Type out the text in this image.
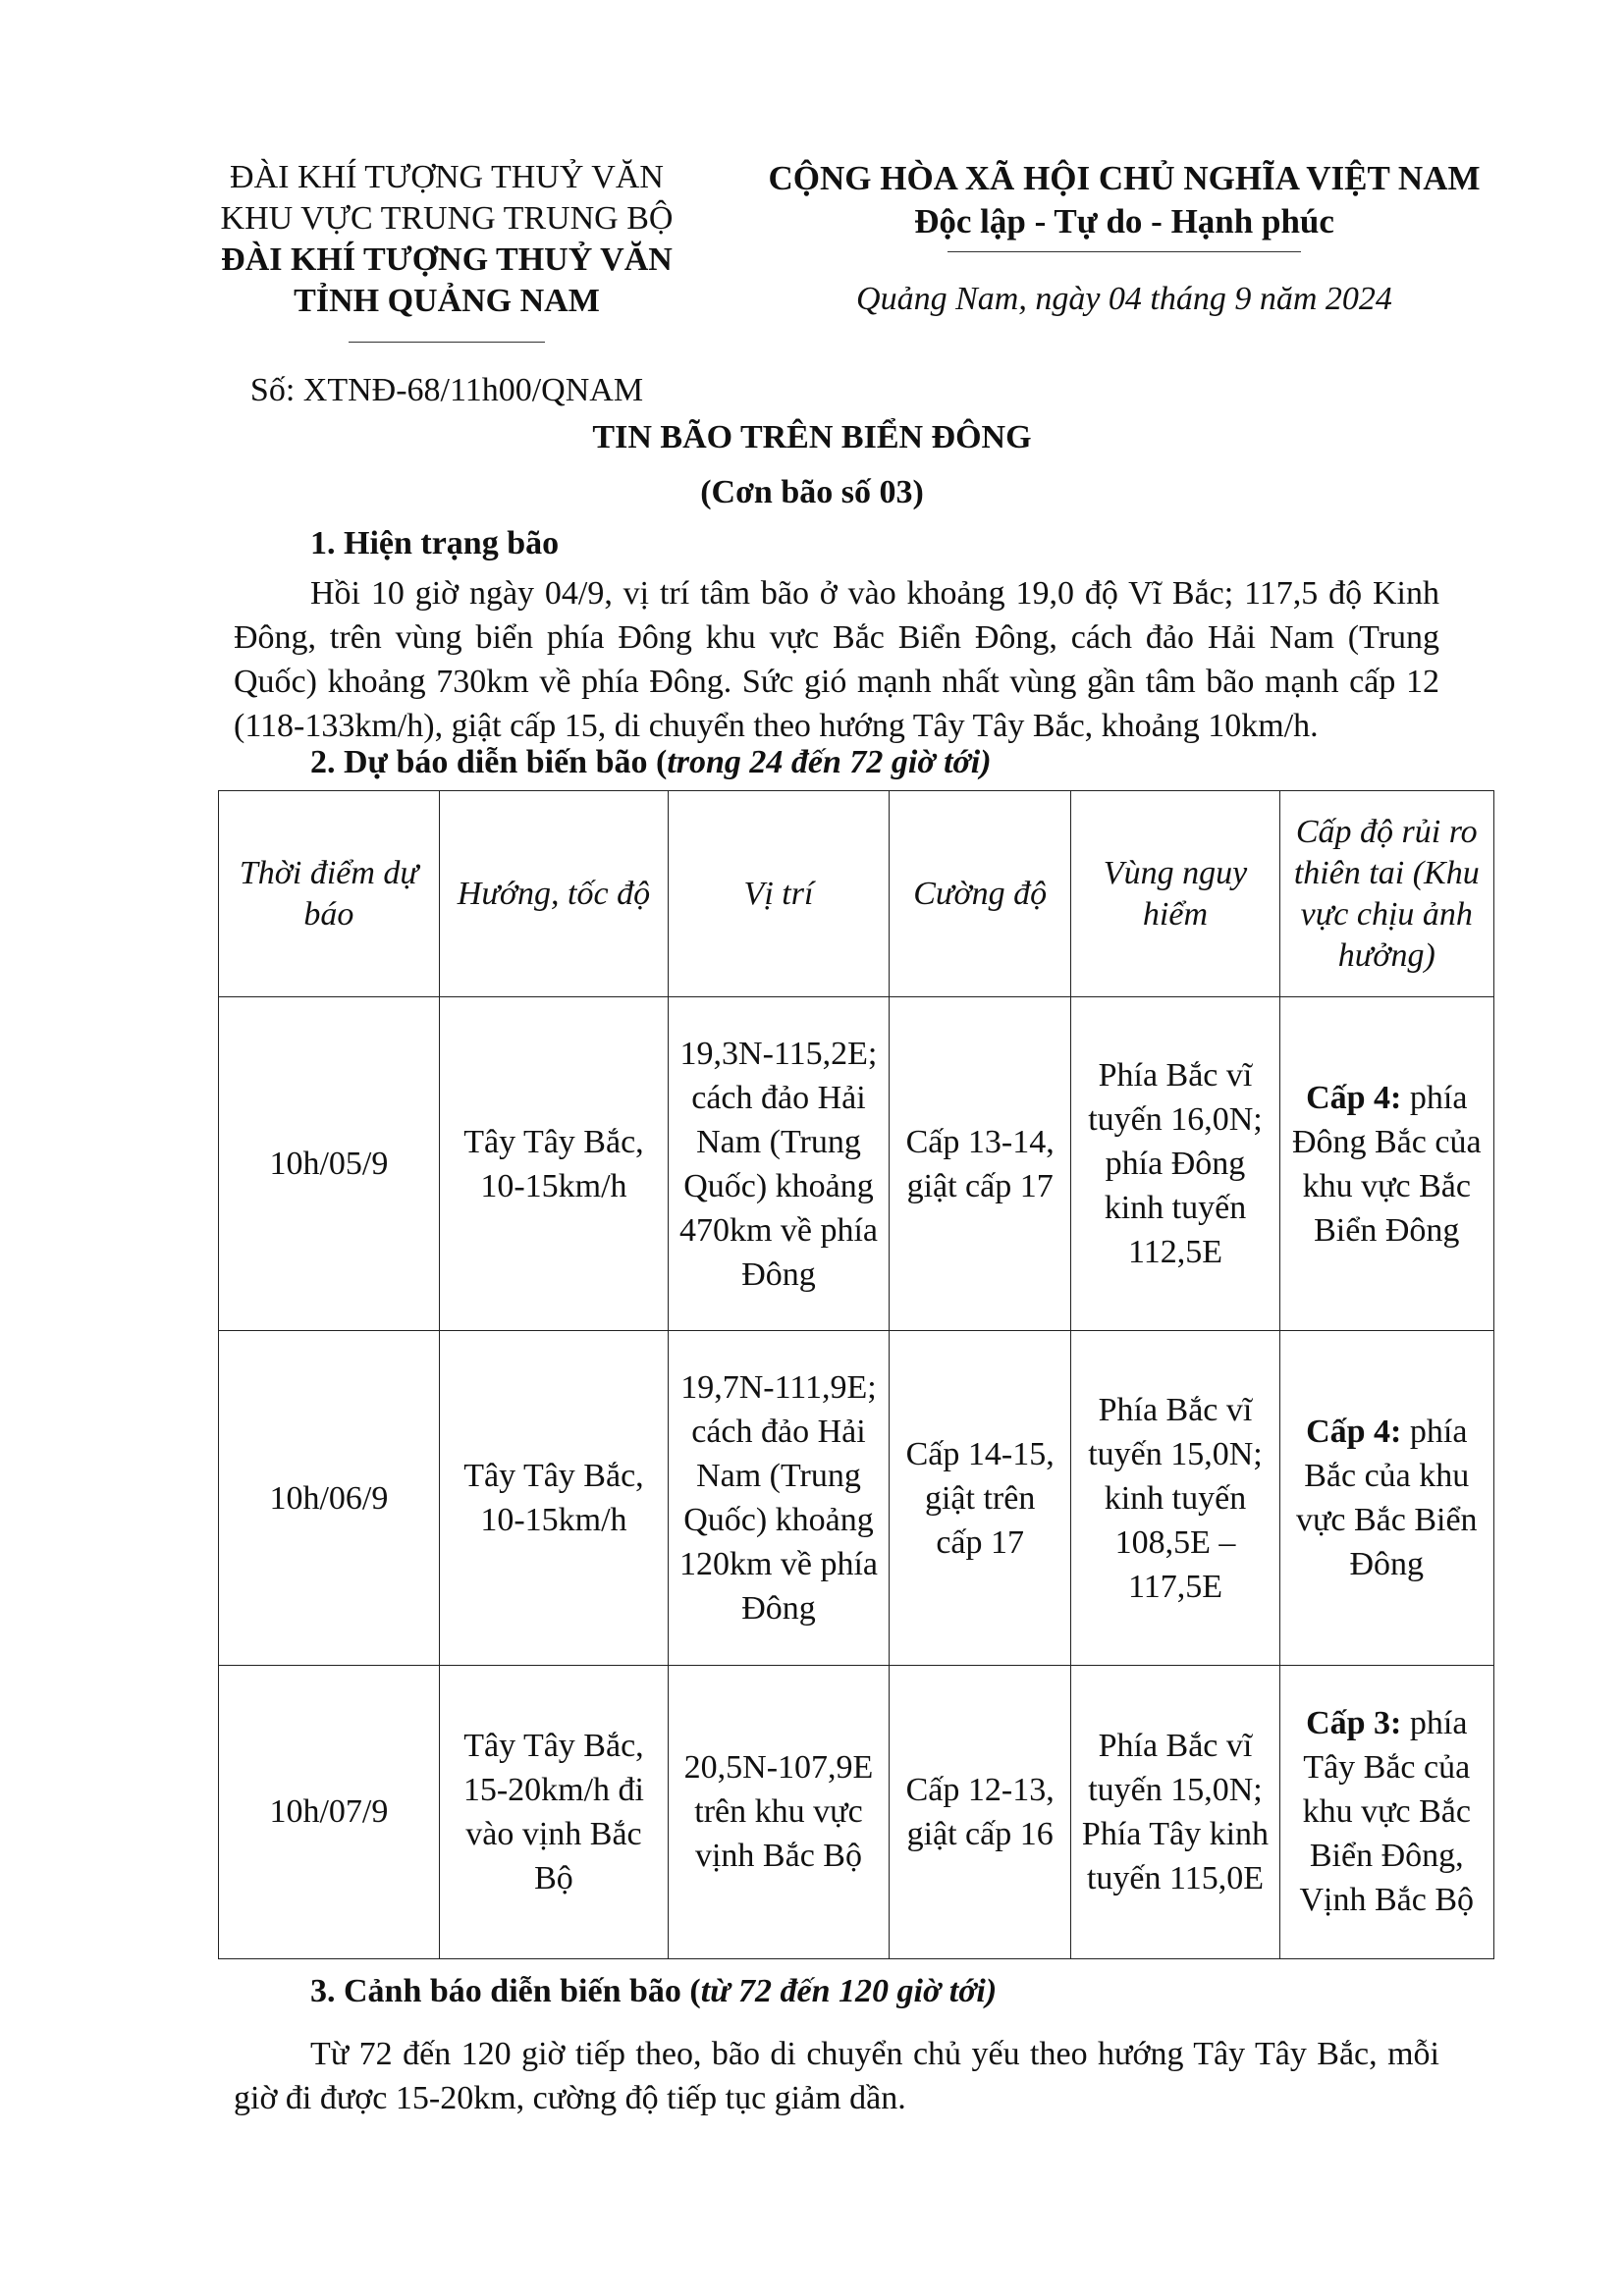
ĐÀI KHÍ TƯỢNG THUỶ VĂN KHU VỰC TRUNG TRUNG BỘ
ĐÀI KHÍ TƯỢNG THUỶ VĂN
TỈNH QUẢNG NAM
Số: XTNĐ-68/11h00/QNAM
CỘNG HÒA XÃ HỘI CHỦ NGHĨA VIỆT NAM
Độc lập - Tự do - Hạnh phúc
Quảng Nam, ngày 04 tháng 9 năm 2024
TIN BÃO TRÊN BIỂN ĐÔNG
(Cơn bão số 03)
1. Hiện trạng bão
Hồi 10 giờ ngày 04/9, vị trí tâm bão ở vào khoảng 19,0 độ Vĩ Bắc; 117,5 độ Kinh Đông, trên vùng biển phía Đông khu vực Bắc Biển Đông, cách đảo Hải Nam (Trung Quốc) khoảng 730km về phía Đông. Sức gió mạnh nhất vùng gần tâm bão mạnh cấp 12 (118-133km/h), giật cấp 15, di chuyển theo hướng Tây Tây Bắc, khoảng 10km/h.
2. Dự báo diễn biến bão (trong 24 đến 72 giờ tới)
Thời điểm dự báo	Hướng, tốc độ	Vị trí	Cường độ	Vùng nguy hiểm	Cấp độ rủi ro thiên tai (Khu vực chịu ảnh hưởng)
10h/05/9	Tây Tây Bắc, 10-15km/h	19,3N-115,2E; cách đảo Hải Nam (Trung Quốc) khoảng 470km về phía Đông	Cấp 13-14, giật cấp 17	Phía Bắc vĩ tuyến 16,0N; phía Đông kinh tuyến 112,5E	Cấp 4: phía Đông Bắc của khu vực Bắc Biển Đông
10h/06/9	Tây Tây Bắc, 10-15km/h	19,7N-111,9E; cách đảo Hải Nam (Trung Quốc) khoảng 120km về phía Đông	Cấp 14-15, giật trên cấp 17	Phía Bắc vĩ tuyến 15,0N; kinh tuyến 108,5E – 117,5E	Cấp 4: phía Bắc của khu vực Bắc Biển Đông
10h/07/9	Tây Tây Bắc, 15-20km/h đi vào vịnh Bắc Bộ	20,5N-107,9E trên khu vực vịnh Bắc Bộ	Cấp 12-13, giật cấp 16	Phía Bắc vĩ tuyến 15,0N; Phía Tây kinh tuyến 115,0E	Cấp 3: phía Tây Bắc của khu vực Bắc Biển Đông, Vịnh Bắc Bộ
3. Cảnh báo diễn biến bão (từ 72 đến 120 giờ tới)
Từ 72 đến 120 giờ tiếp theo, bão di chuyển chủ yếu theo hướng Tây Tây Bắc, mỗi giờ đi được 15-20km, cường độ tiếp tục giảm dần.
